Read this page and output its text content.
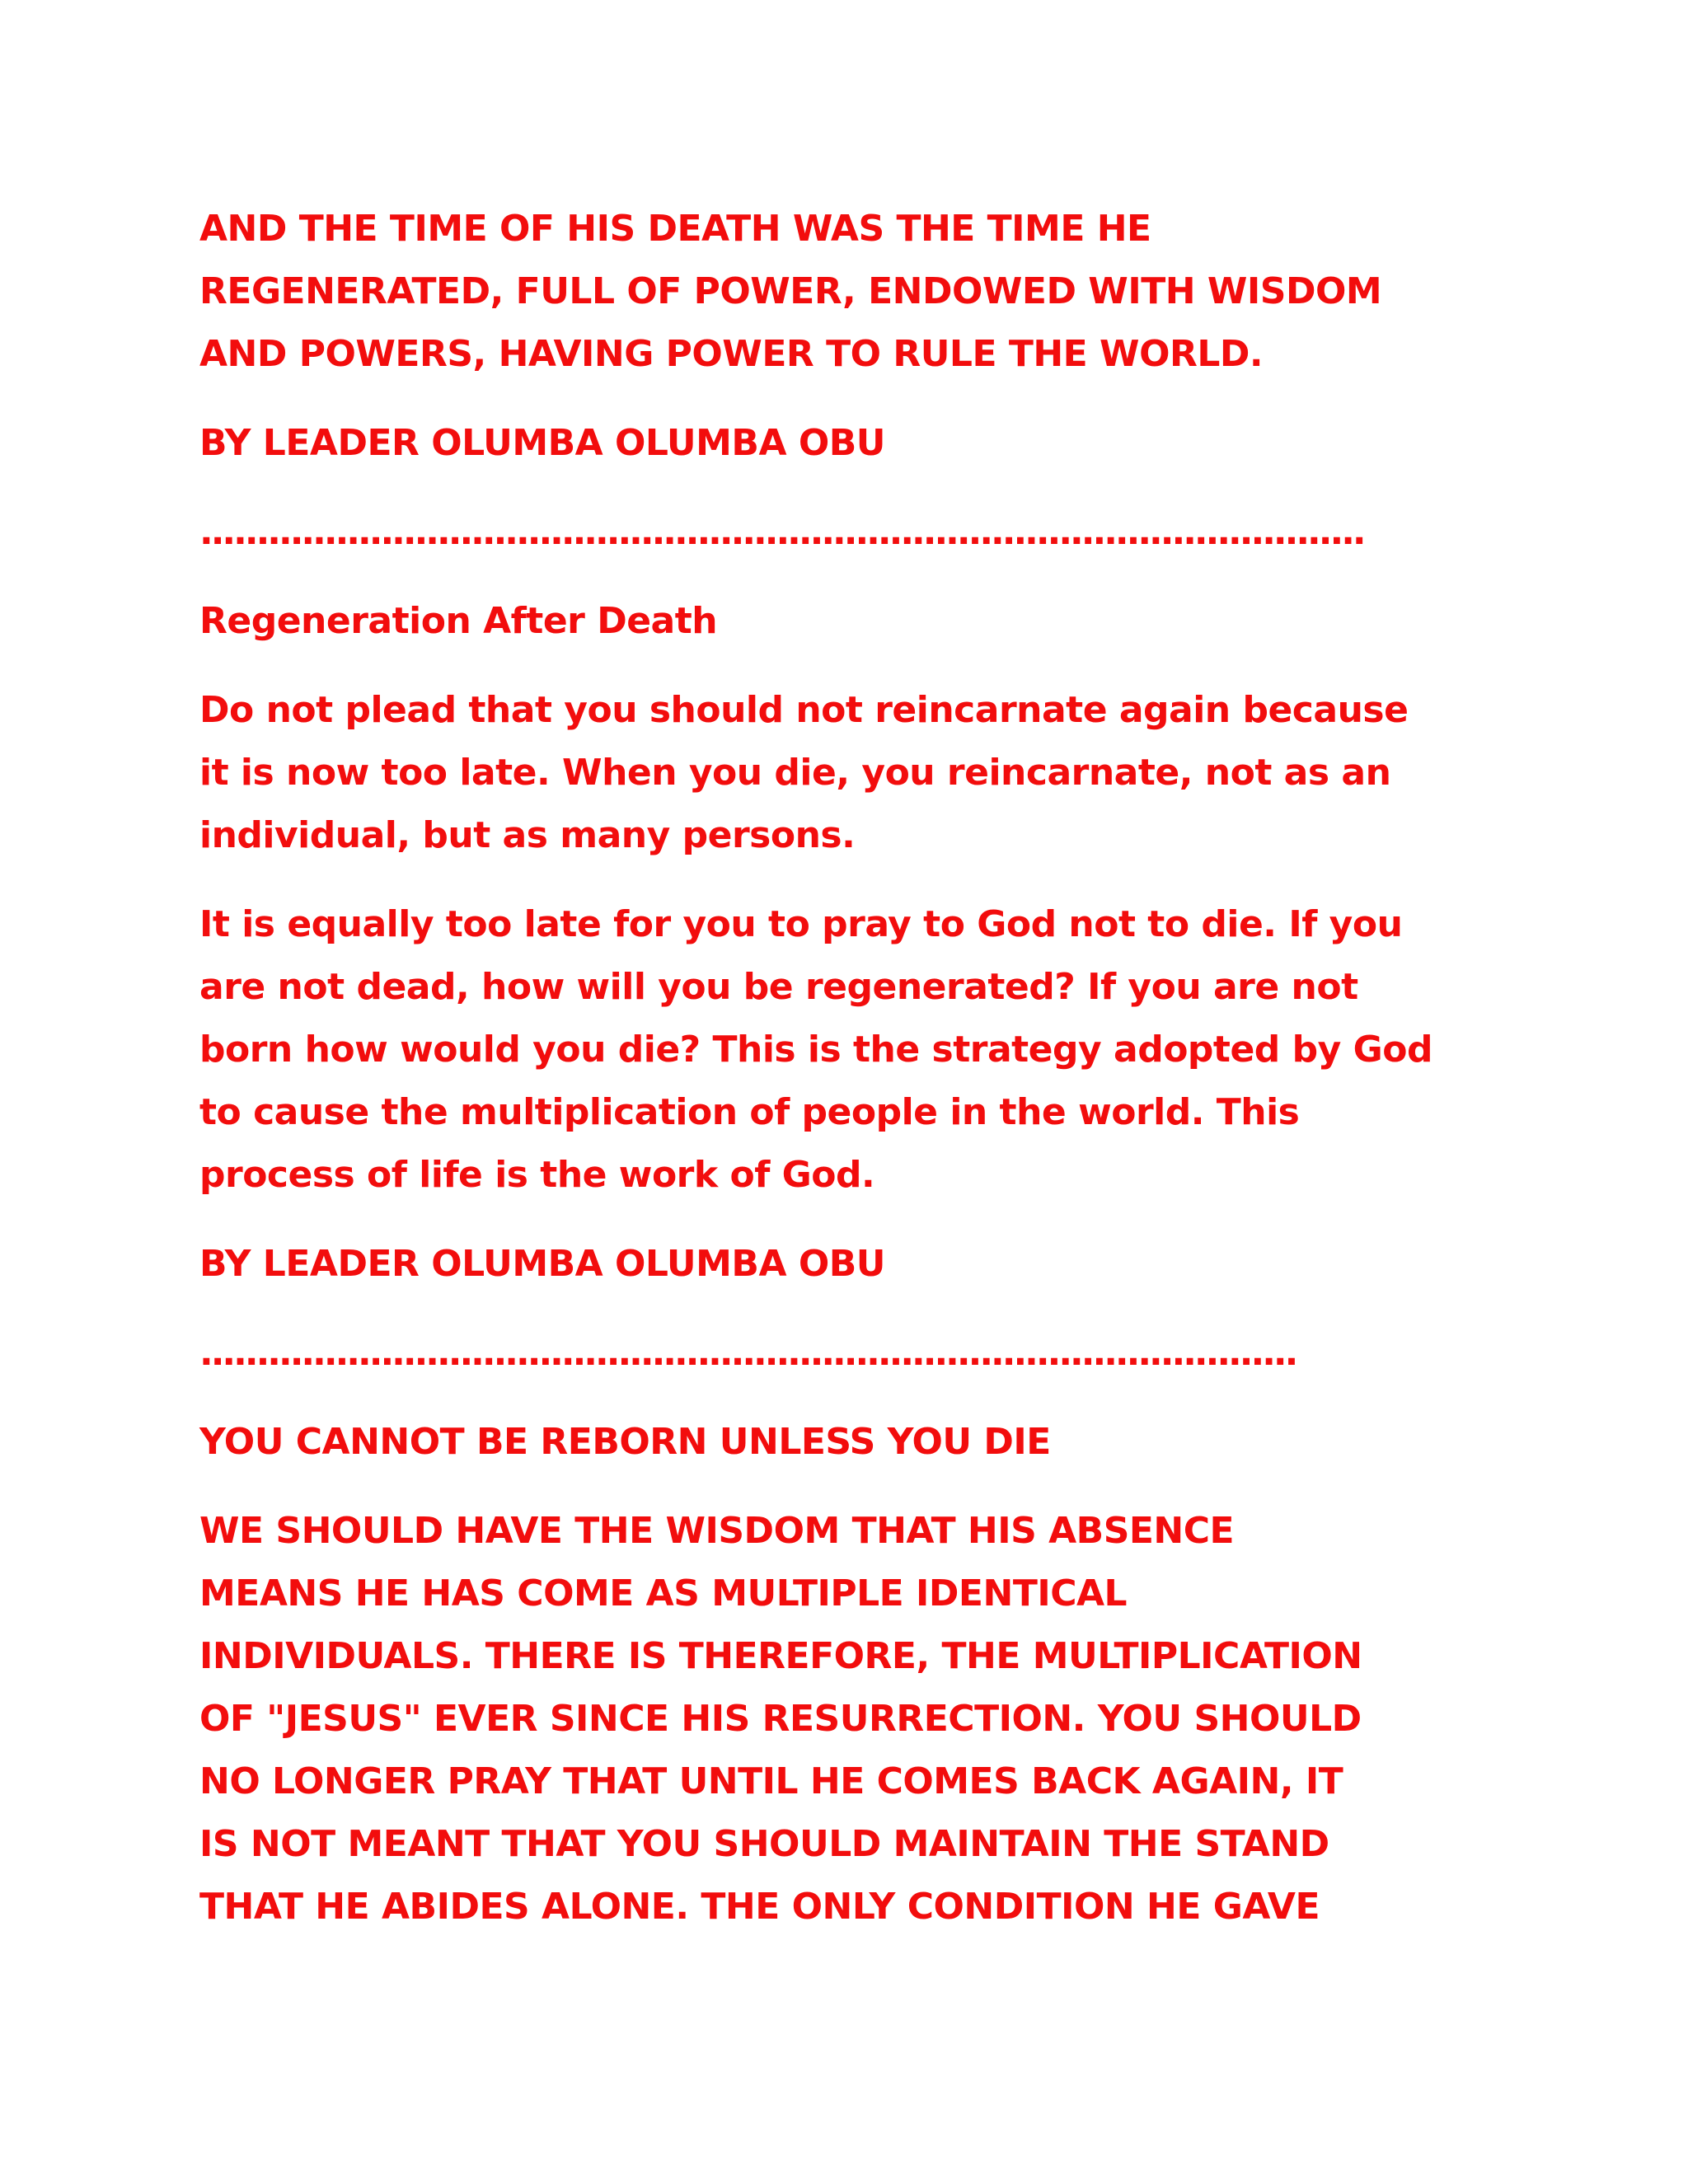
AND THE TIME OF HIS DEATH WAS THE TIME HE
REGENERATED, FULL OF POWER, ENDOWED WITH WISDOM
AND POWERS, HAVING POWER TO RULE THE WORLD.
BY LEADER OLUMBA OLUMBA OBU
.......................................................................................................
Regeneration After Death
Do not plead that you should not reincarnate again because
it is now too late. When you die, you reincarnate, not as an
individual, but as many persons.
It is equally too late for you to pray to God not to die. If you
are not dead, how will you be regenerated? If you are not
born how would you die? This is the strategy adopted by God
to cause the multiplication of people in the world. This
process of life is the work of God.
BY LEADER OLUMBA OLUMBA OBU
.................................................................................................
YOU CANNOT BE REBORN UNLESS YOU DIE
WE SHOULD HAVE THE WISDOM THAT HIS ABSENCE
MEANS HE HAS COME AS MULTIPLE IDENTICAL
INDIVIDUALS. THERE IS THEREFORE, THE MULTIPLICATION
OF "JESUS" EVER SINCE HIS RESURRECTION. YOU SHOULD
NO LONGER PRAY THAT UNTIL HE COMES BACK AGAIN, IT
IS NOT MEANT THAT YOU SHOULD MAINTAIN THE STAND
THAT HE ABIDES ALONE. THE ONLY CONDITION HE GAVE
